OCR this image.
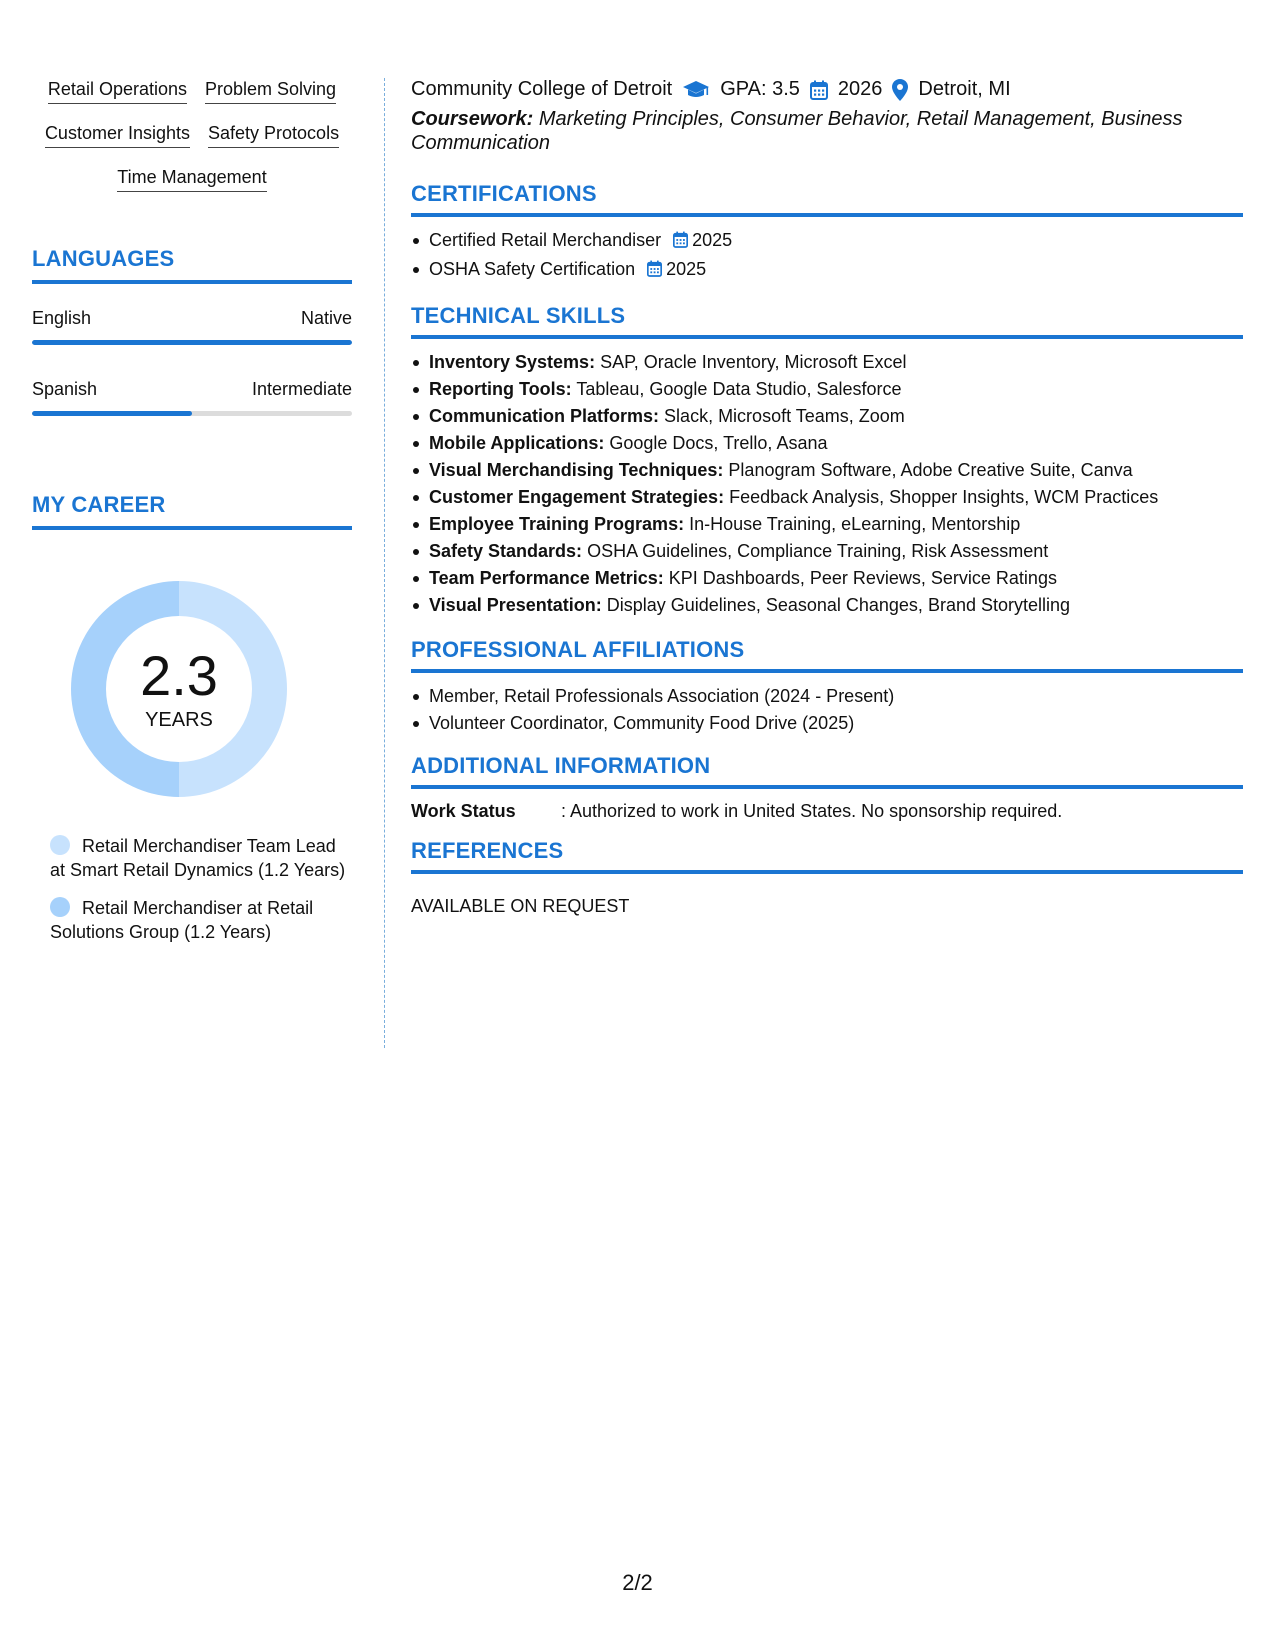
Retail Operations Problem Solving
Customer Insights Safety Protocols
Time Management
LANGUAGES
English	Native
Spanish	Intermediate
MY CAREER
2.3
YEARS
Retail Merchandiser Team Lead at Smart Retail Dynamics (1.2 Years)
Retail Merchandiser at Retail Solutions Group (1.2 Years)
Community College of Detroit GPA: 3.5 2026 Detroit, MI
Coursework: Marketing Principles, Consumer Behavior, Retail Management, Business Communication
CERTIFICATIONS
Certified Retail Merchandiser 2025
OSHA Safety Certification 2025
TECHNICAL SKILLS
Inventory Systems: SAP, Oracle Inventory, Microsoft Excel
Reporting Tools: Tableau, Google Data Studio, Salesforce
Communication Platforms: Slack, Microsoft Teams, Zoom
Mobile Applications: Google Docs, Trello, Asana
Visual Merchandising Techniques: Planogram Software, Adobe Creative Suite, Canva
Customer Engagement Strategies: Feedback Analysis, Shopper Insights, WCM Practices
Employee Training Programs: In-House Training, eLearning, Mentorship
Safety Standards: OSHA Guidelines, Compliance Training, Risk Assessment
Team Performance Metrics: KPI Dashboards, Peer Reviews, Service Ratings
Visual Presentation: Display Guidelines, Seasonal Changes, Brand Storytelling
PROFESSIONAL AFFILIATIONS
Member, Retail Professionals Association (2024 - Present)
Volunteer Coordinator, Community Food Drive (2025)
ADDITIONAL INFORMATION
Work Status	: Authorized to work in United States. No sponsorship required.
REFERENCES
AVAILABLE ON REQUEST
2/2
